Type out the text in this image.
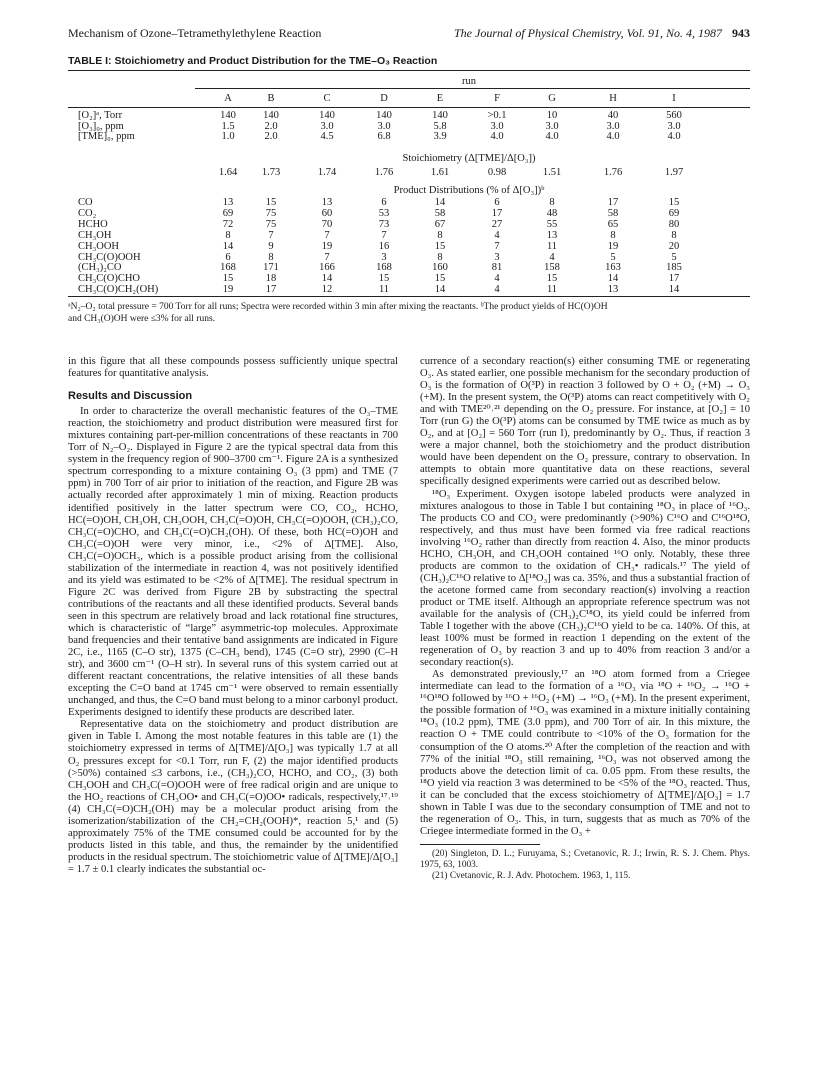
Mechanism of Ozone–Tetramethylethylene Reaction	The Journal of Physical Chemistry, Vol. 91, No. 4, 1987 943
TABLE I: Stoichiometry and Product Distribution for the TME–O₃ Reaction
run
A	B	C	D	E	F	G	H	I
[O₂]ᵃ, Torr	140	140	140	140	140	>0.1	10	40	560
[O₃]₀, ppm	1.5	2.0	3.0	3.0	5.8	3.0	3.0	3.0	3.0
[TME]₀, ppm	1.0	2.0	4.5	6.8	3.9	4.0	4.0	4.0	4.0
Stoichiometry (Δ[TME]/Δ[O₃])
1.64 1.73	1.74	1.76	1.61	0.98	1.51	1.76	1.97
Product Distributions (% of Δ[O₃])ᵇ
CO	13	15	13	6	14	6	8	17	15
CO₂	69	75	60	53	58	17	48	58	69
HCHO	72	75	70	73	67	27	55	65	80
CH₃OH	8	7	7	7	8	4	13	8	8
CH₃OOH	14	9	19	16	15	7	11	19	20
CH₃C(O)OOH	6	8	7	3	8	3	4	5	5
(CH₃)₂CO	168	171	166	168	160	81	158	163	185
CH₃C(O)CHO	15	18	14	15	15	4	15	14	17
CH₃C(O)CH₂(OH)	19	17	12	11	14	4	11	13	14
ᵃN₂–O₂ total pressure = 700 Torr for all runs; Spectra were recorded within 3 min after mixing the reactants. ᵇThe product yields of HC(O)OH
and CH₃(O)OH were ≤3% for all runs.

in this figure that all these compounds possess sufficiently unique spectral features for quantitative analysis.

Results and Discussion

In order to characterize the overall mechanistic features of the O₃–TME reaction, the stoichiometry and product distribution were measured first for mixtures containing part-per-million concentrations of these reactants in 700 Torr of N₂–O₂. Displayed in Figure 2 are the typical spectral data from this system in the frequency region of 900–3700 cm⁻¹. Figure 2A is a synthesized spectrum corresponding to a mixture containing O₃ (3 ppm) and TME (7 ppm) in 700 Torr of air prior to initiation of the reaction, and Figure 2B was actually recorded after approximately 1 min of mixing. Reaction products identified positively in the latter spectrum were CO, CO₂, HCHO, HC(=O)OH, CH₃OH, CH₃OOH, CH₃C(=O)OH, CH₃C(=O)OOH, (CH₃)₂CO, CH₃C(=O)CHO, and CH₃C(=O)CH₂(OH). Of these, both HC(=O)OH and CH₃C(=O)OH were very minor, i.e., <2% of Δ[TME]. Also, CH₃C(=O)OCH₃, which is a possible product arising from the collisional stabilization of the intermediate in reaction 4, was not positively identified and its yield was estimated to be <2% of Δ[TME]. The residual spectrum in Figure 2C was derived from Figure 2B by substracting the spectral contributions of the reactants and all these identified products. Several bands seen in this spectrum are relatively broad and lack rotational fine structures, which is characteristic of “large” asymmetric-top molecules. Approximate band frequencies and their tentative band assignments are indicated in Figure 2C, i.e., 1165 (C–O str), 1375 (C–CH₃ bend), 1745 (C=O str), 2990 (C–H str), and 3600 cm⁻¹ (O–H str). In several runs of this system carried out at different reactant concentrations, the relative intensities of all these bands excepting the C=O band at 1745 cm⁻¹ were observed to remain essentially unchanged, and thus, the C=O band must belong to a minor carbonyl product. Experiments designed to identify these products are described later.

Representative data on the stoichiometry and product distribution are given in Table I. Among the most notable features in this table are (1) the stoichiometry expressed in terms of Δ[TME]/Δ[O₃] was typically 1.7 at all O₂ pressures except for <0.1 Torr, run F, (2) the major identified products (>50%) contained ≤3 carbons, i.e., (CH₃)₂CO, HCHO, and CO₂, (3) both CH₃OOH and CH₃C(=O)OOH were of free radical origin and are unique to the HO₂ reactions of CH₃OO• and CH₃C(=O)OO• radicals, respectively,¹⁷˒¹⁹ (4) CH₃C(=O)CH₂(OH) may be a molecular product arising from the isomerization/stabilization of the CH₂=CH₂(OOH)*, reaction 5,¹ and (5) approximately 75% of the TME consumed could be accounted for by the products listed in this table, and thus, the remainder by the unidentified products in the residual spectrum. The stoichiometric value of Δ[TME]/Δ[O₃] = 1.7 ± 0.1 clearly indicates the substantial oc-

currence of a secondary reaction(s) either consuming TME or regenerating O₃. As stated earlier, one possible mechanism for the secondary production of O₃ is the formation of O(³P) in reaction 3 followed by O + O₂ (+M) → O₃ (+M). In the present system, the O(³P) atoms can react competitively with O₂ and with TME²⁰˒²¹ depending on the O₂ pressure. For instance, at [O₂] = 10 Torr (run G) the O(³P) atoms can be consumed by TME twice as much as by O₂, and at [O₂] = 560 Torr (run I), predominantly by O₂. Thus, if reaction 3 were a major channel, both the stoichiometry and the product distribution would have been dependent on the O₂ pressure, contrary to observation. In attempts to obtain more quantitative data on these reactions, several specifically designed experiments were carried out as described below.

¹⁸O₃ Experiment. Oxygen isotope labeled products were analyzed in mixtures analogous to those in Table I but containing ¹⁸O₃ in place of ¹⁶O₃. The products CO and CO₂ were predominantly (>90%) C¹⁶O and C¹⁶O¹⁸O, respectively, and thus must have been formed via free radical reactions involving ¹⁶O₂ rather than directly from reaction 4. Also, the minor products HCHO, CH₃OH, and CH₃OOH contained ¹⁶O only. Notably, these three products are common to the oxidation of CH₃• radicals.¹⁷ The yield of (CH₃)₂C¹⁶O relative to Δ[¹⁸O₃] was ca. 35%, and thus a substantial fraction of the acetone formed came from secondary reaction(s) involving a reaction product or TME itself. Although an appropriate reference spectrum was not available for the analysis of (CH₃)₂C¹⁸O, its yield could be inferred from Table I together with the above (CH₃)₂C¹⁶O yield to be ca. 140%. Of this, at least 100% must be formed in reaction 1 depending on the extent of the regeneration of O₃ by reaction 3 and up to 40% from reaction 3 and/or a secondary reaction(s).

As demonstrated previously,¹⁷ an ¹⁸O atom formed from a Criegee intermediate can lead to the formation of a ¹⁶O₃ via ¹⁸O + ¹⁶O₂ → ¹⁶O + ¹⁶O¹⁸O followed by ¹⁶O + ¹⁶O₂ (+M) → ¹⁶O₃ (+M). In the present experiment, the possible formation of ¹⁶O₃ was examined in a mixture initially containing ¹⁸O₃ (10.2 ppm), TME (3.0 ppm), and 700 Torr of air. In this mixture, the reaction O + TME could contribute to <10% of the O₃ formation for the consumption of the O atoms.²⁰ After the completion of the reaction and with 77% of the initial ¹⁸O₃ still remaining, ¹⁶O₃ was not observed among the products above the detection limit of ca. 0.05 ppm. From these results, the ¹⁸O yield via reaction 3 was determined to be <5% of the ¹⁸O₃ reacted. Thus, it can be concluded that the excess stoichiometry of Δ[TME]/Δ[O₃] = 1.7 shown in Table I was due to the secondary consumption of TME and not to the regeneration of O₃. This, in turn, suggests that as much as 70% of the Criegee intermediate formed in the O₃ +

(20) Singleton, D. L.; Furuyama, S.; Cvetanovic, R. J.; Irwin, R. S. J. Chem. Phys. 1975, 63, 1003.

(21) Cvetanovic, R. J. Adv. Photochem. 1963, 1, 115.
